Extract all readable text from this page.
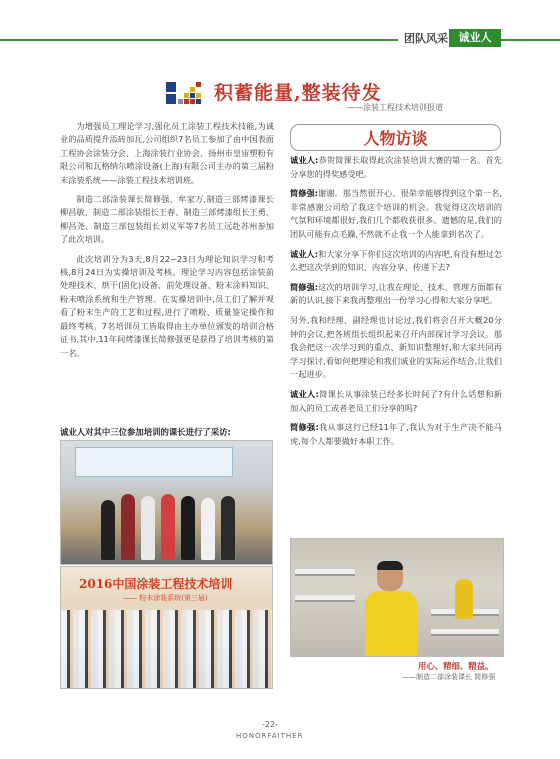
团队风采 诚业人
积蓄能量,整装待发
——涂装工程技术培训报道

为增强员工理论学习,强化员工涂装工程技术技能,为诚业的品质提升添砖加瓦,公司组织7名员工参加了由中国表面工程协会涂装分会、上海涂装行业协会、扬州市皇宙塑粉有限公司和瓦格纳尔喷涂设备(上海)有限公司主办的第三届粉末涂装系统——涂装工程技术培训班。

制造二部涂装课长简修强、牟家万,制造三部烤漆课长柳昌敏、制造二部涂装组长王春、制造三部烤漆组长王勇、柳昌尧、制造三部包装组长刘义军等7名员工远赴苏州参加了此次培训。

此次培训分为3天,8月22~23日为理论知识学习和考核,8月24日为实操培训及考核。理论学习内容包括涂装前处理技术、烘干(固化)设备、前处理设备、粉末涂料知识、粉末喷涂系统和生产管理。在实操培训中,员工们了解并观看了粉末生产的工艺和过程,进行了喷粉、质量鉴定操作和最终考核。7名培训员工皆取得由主办单位颁发的培训合格证书,其中,11年间烤漆课长简修强更是获得了培训考核的第一名。

诚业人对其中三位参加培训的课长进行了采访:
2016中国涂装工程技术培训
—— 粉末涂装系统(第三届)
人物访谈

诚业人:恭贺简课长取得此次涂装培训大赛的第一名。首先分享您的得奖感受吧。

简修强:谢谢。那当然很开心、很荣幸能够得到这个第一名,非常感谢公司给了我这个培训的机会。我觉得这次培训的气氛和环境都很好,我们几个都收获很多。遗憾的是,我们的团队可能有点毛躁,不然就不止我一个人能拿到名次了。

诚业人:和大家分享下你们这次培训的内容吧,有没有想过怎么把这次学到的知识、内容分享、传递下去?

简修强:这次的培训学习,让我在理论、技术、管理方面都有新的认识,接下来我再整理出一份学习心得和大家分享吧。

另外,我和经理、副经理也讨论过,我们将会召开大概20分钟的会议,把各班组长组织起来召开内部探讨学习会议。那我会把这一次学习到的重点、新知识整理好,和大家共同再学习探讨,看如何把理论和我们诚业的实际运作结合,让我们一起进步。

诚业人:简课长从事涂装已经多长时间了?有什么话想和新加入的员工或者老员工们分享的吗?

简修强:我从事这行已经11年了,我认为对于生产决不能马虎,每个人都要做好本职工作。

用心、精细、精益。
——制造二部涂装课长 简修强
-22-
HONORFAITHER
